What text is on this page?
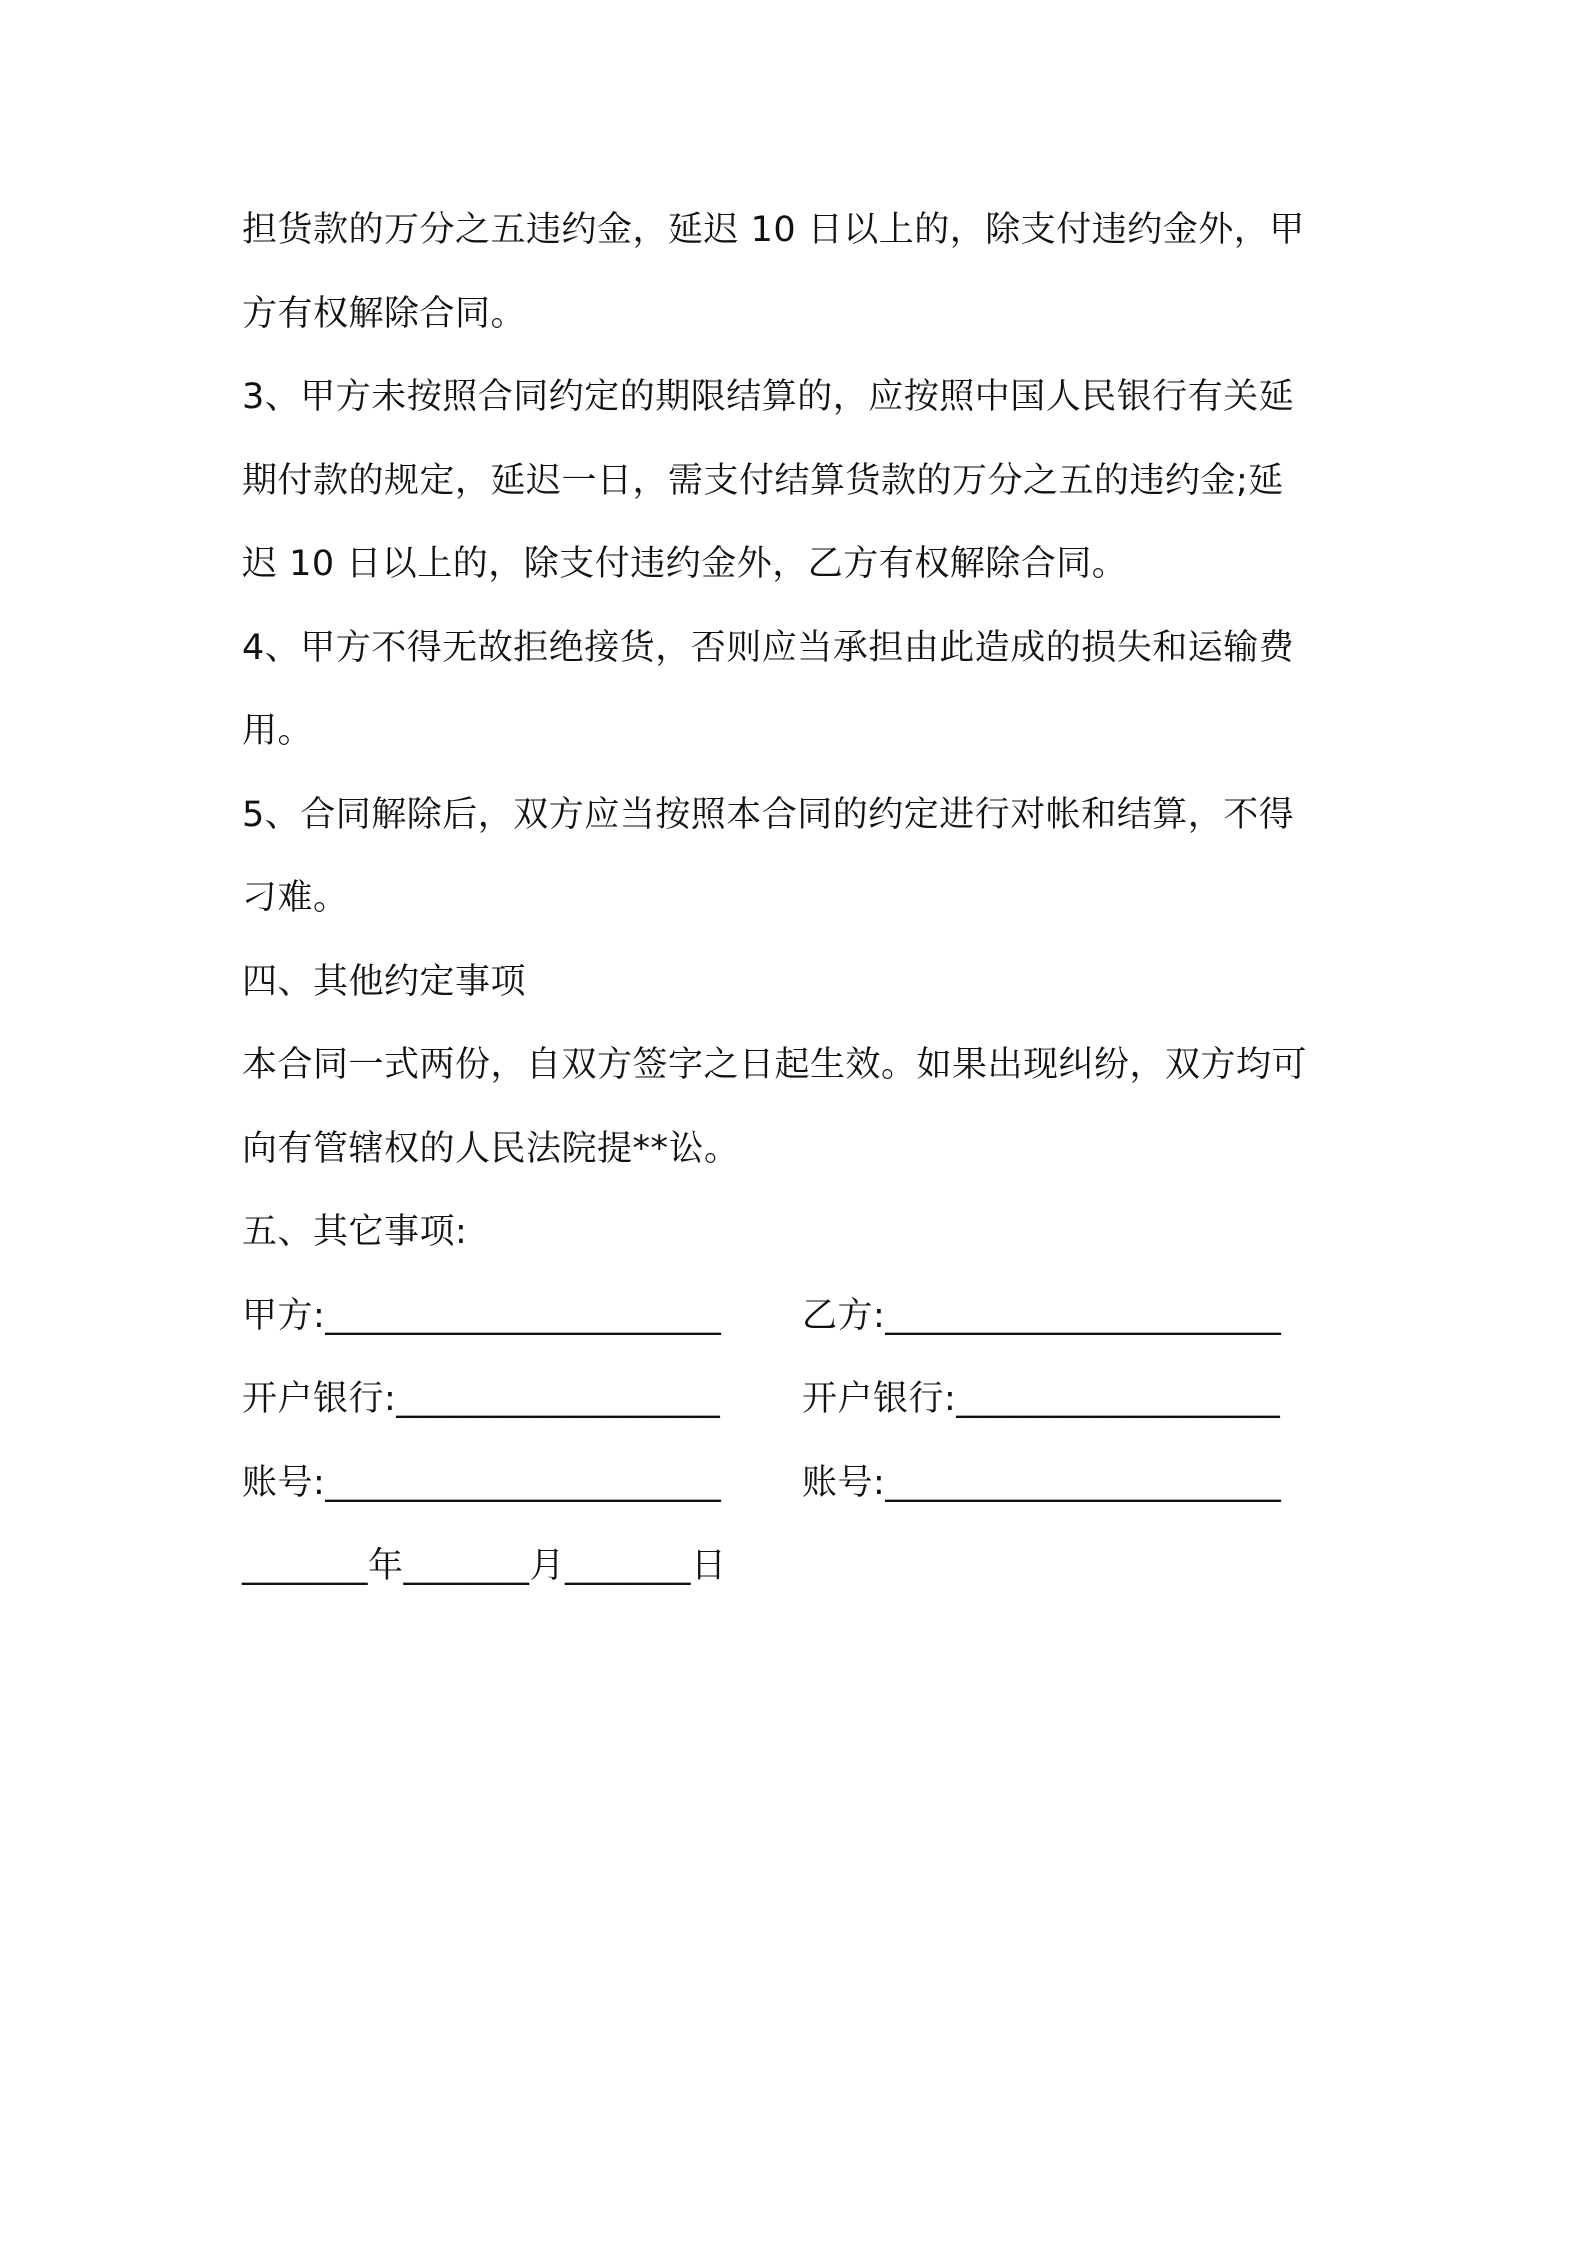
担货款的万分之五违约金，延迟 10 日以上的，除支付违约金外，甲
方有权解除合同。
3、甲方未按照合同约定的期限结算的，应按照中国人民银行有关延
期付款的规定，延迟一日，需支付结算货款的万分之五的违约金;延
迟 10 日以上的，除支付违约金外，乙方有权解除合同。
4、甲方不得无故拒绝接货，否则应当承担由此造成的损失和运输费
用。
5、合同解除后，双方应当按照本合同的约定进行对帐和结算，不得
刁难。
四、其他约定事项
本合同一式两份，自双方签字之日起生效。如果出现纠纷，双方均可
向有管辖权的人民法院提**讼。
五、其它事项:
甲方:______________________ 乙方:______________________
开户银行:__________________ 开户银行:__________________
账号:______________________ 账号:______________________
_______年_______月_______日
